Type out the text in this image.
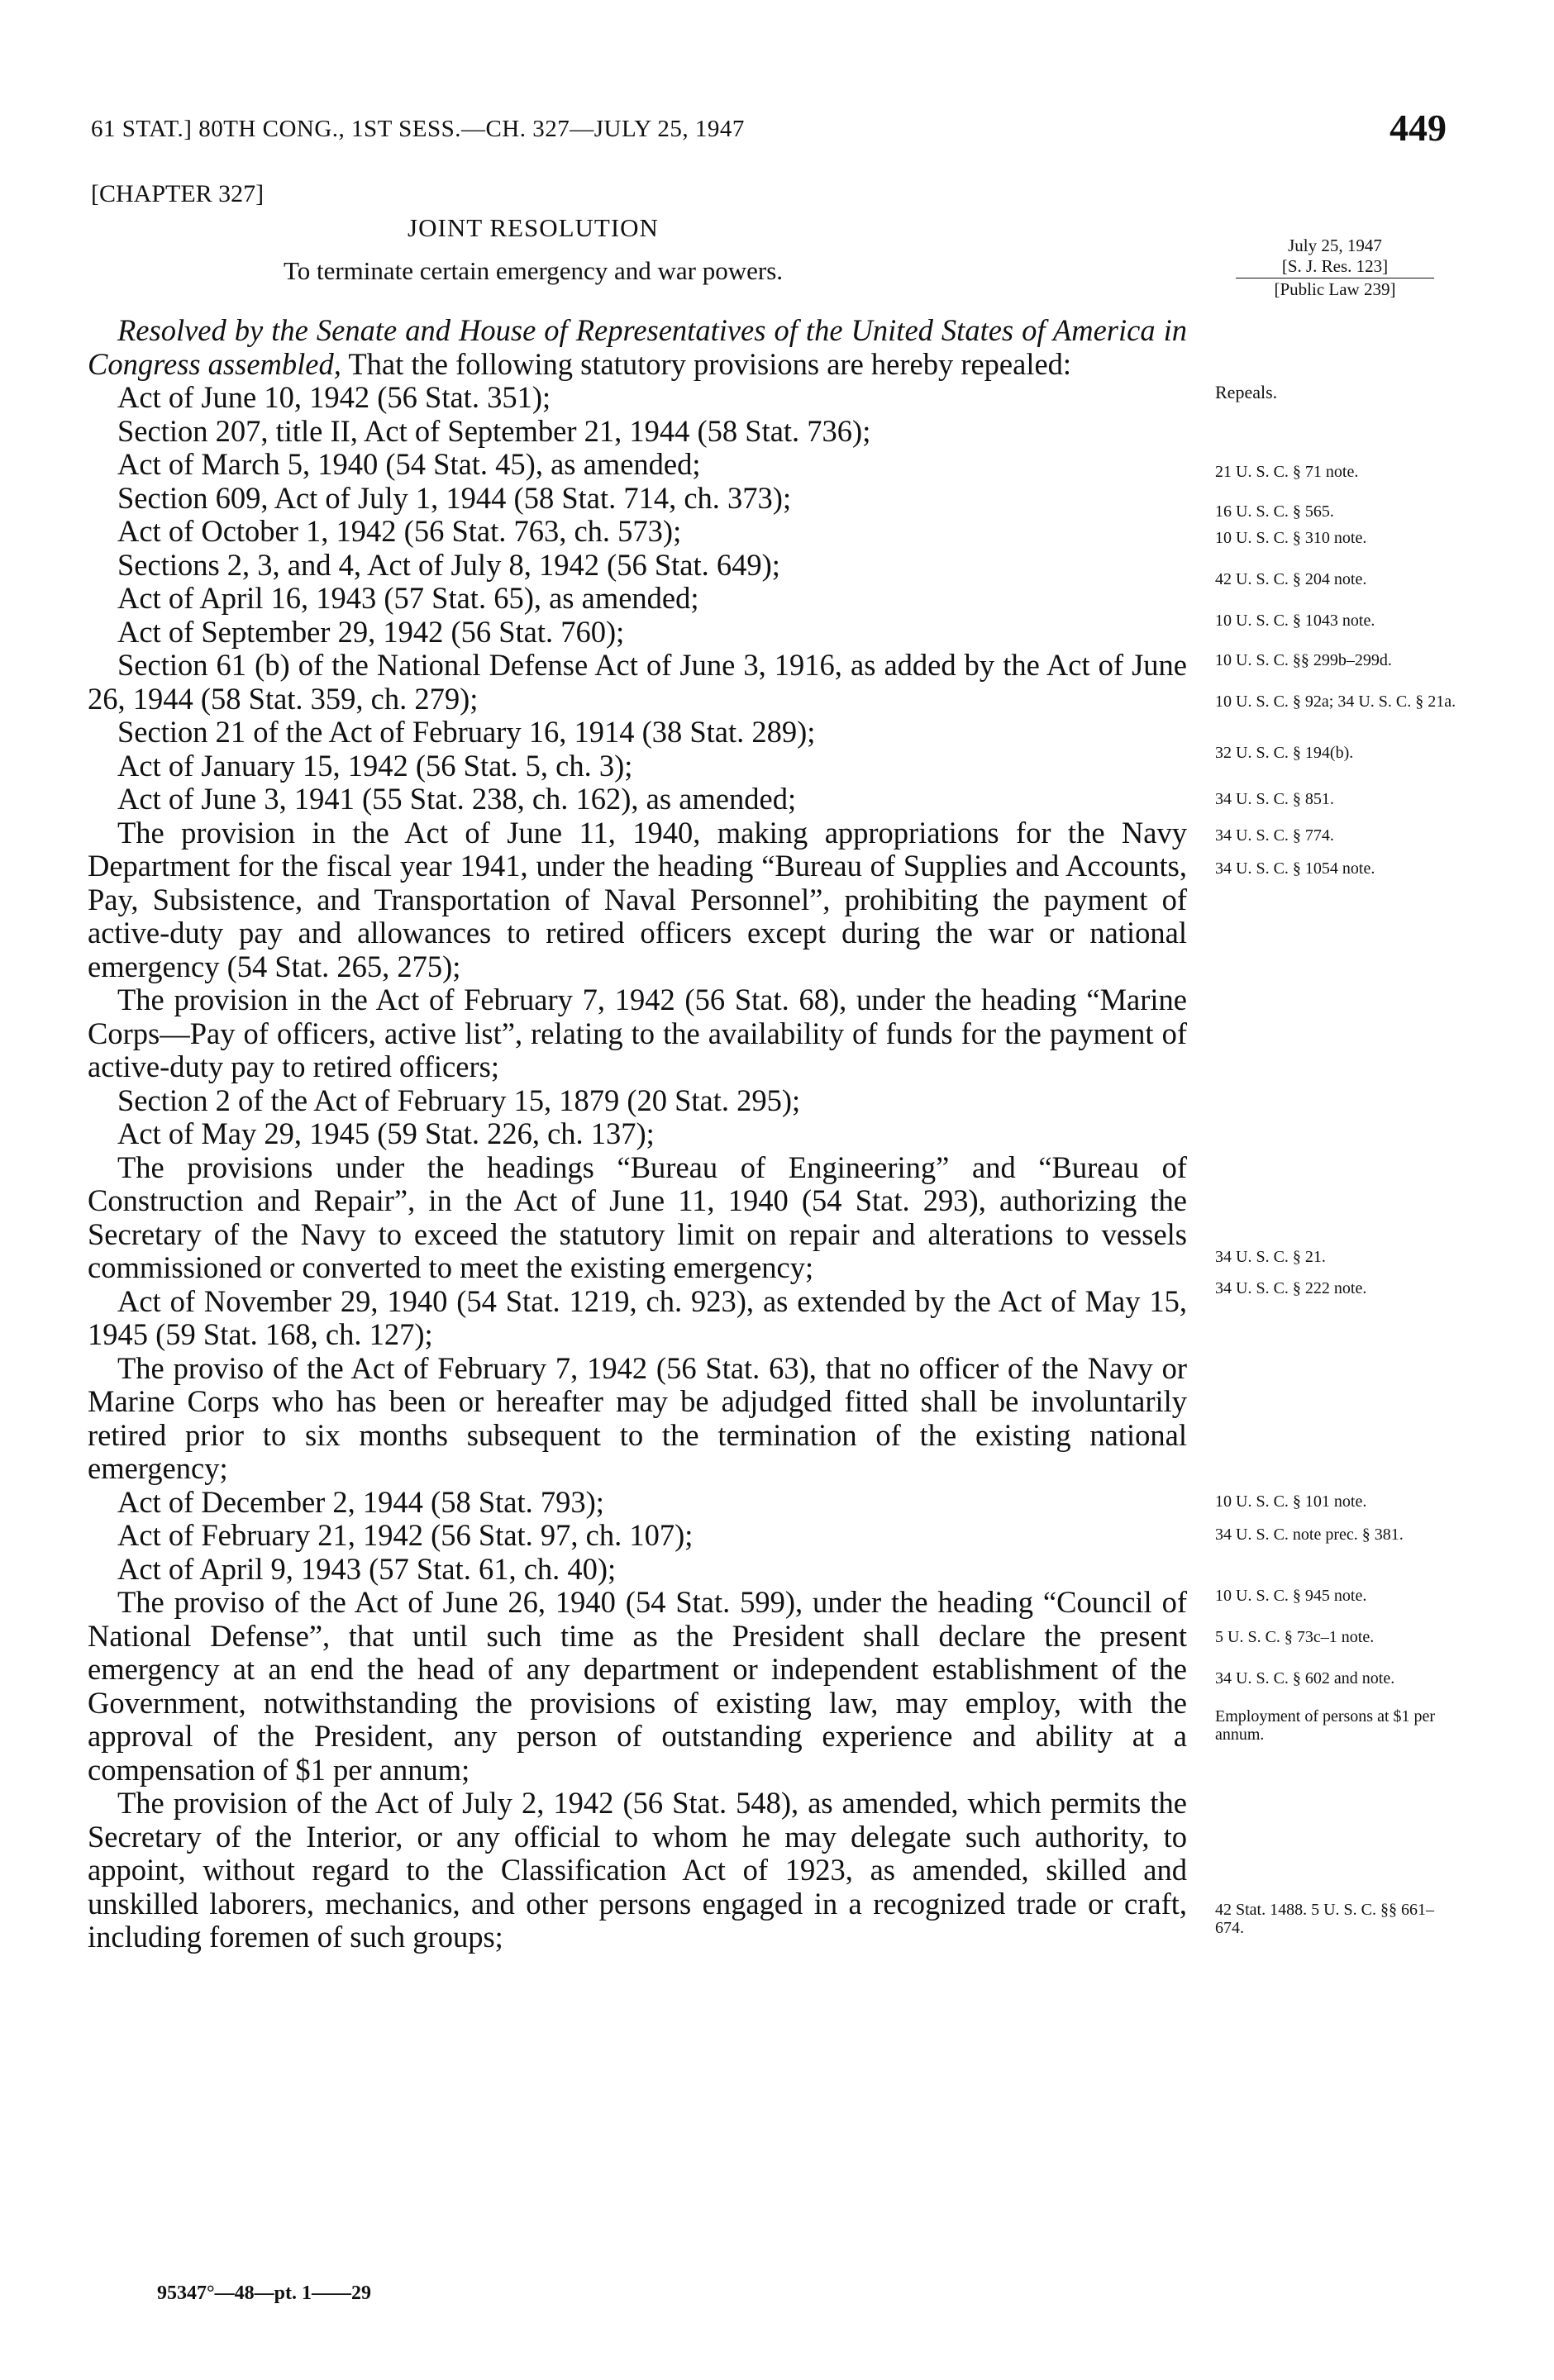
61 STAT.] 80TH CONG., 1ST SESS.—CH. 327—JULY 25, 1947	449
[CHAPTER 327]
JOINT RESOLUTION
To terminate certain emergency and war powers.
July 25, 1947
[S. J. Res. 123]
[Public Law 239]

Resolved by the Senate and House of Representatives of the United States of America in Congress assembled, That the following statutory provisions are hereby repealed:

Act of June 10, 1942 (56 Stat. 351);

Section 207, title II, Act of September 21, 1944 (58 Stat. 736);

Act of March 5, 1940 (54 Stat. 45), as amended;

Section 609, Act of July 1, 1944 (58 Stat. 714, ch. 373);

Act of October 1, 1942 (56 Stat. 763, ch. 573);

Sections 2, 3, and 4, Act of July 8, 1942 (56 Stat. 649);

Act of April 16, 1943 (57 Stat. 65), as amended;

Act of September 29, 1942 (56 Stat. 760);

Section 61 (b) of the National Defense Act of June 3, 1916, as added by the Act of June 26, 1944 (58 Stat. 359, ch. 279);

Section 21 of the Act of February 16, 1914 (38 Stat. 289);

Act of January 15, 1942 (56 Stat. 5, ch. 3);

Act of June 3, 1941 (55 Stat. 238, ch. 162), as amended;

The provision in the Act of June 11, 1940, making appropriations for the Navy Department for the fiscal year 1941, under the heading “Bureau of Supplies and Accounts, Pay, Subsistence, and Transportation of Naval Personnel”, prohibiting the payment of active-duty pay and allowances to retired officers except during the war or national emergency (54 Stat. 265, 275);

The provision in the Act of February 7, 1942 (56 Stat. 68), under the heading “Marine Corps—Pay of officers, active list”, relating to the availability of funds for the payment of active-duty pay to retired officers;

Section 2 of the Act of February 15, 1879 (20 Stat. 295);

Act of May 29, 1945 (59 Stat. 226, ch. 137);

The provisions under the headings “Bureau of Engineering” and “Bureau of Construction and Repair”, in the Act of June 11, 1940 (54 Stat. 293), authorizing the Secretary of the Navy to exceed the statutory limit on repair and alterations to vessels commissioned or converted to meet the existing emergency;

Act of November 29, 1940 (54 Stat. 1219, ch. 923), as extended by the Act of May 15, 1945 (59 Stat. 168, ch. 127);

The proviso of the Act of February 7, 1942 (56 Stat. 63), that no officer of the Navy or Marine Corps who has been or hereafter may be adjudged fitted shall be involuntarily retired prior to six months subsequent to the termination of the existing national emergency;

Act of December 2, 1944 (58 Stat. 793);

Act of February 21, 1942 (56 Stat. 97, ch. 107);

Act of April 9, 1943 (57 Stat. 61, ch. 40);

The proviso of the Act of June 26, 1940 (54 Stat. 599), under the heading “Council of National Defense”, that until such time as the President shall declare the present emergency at an end the head of any department or independent establishment of the Government, notwithstanding the provisions of existing law, may employ, with the approval of the President, any person of outstanding experience and ability at a compensation of $1 per annum;

The provision of the Act of July 2, 1942 (56 Stat. 548), as amended, which permits the Secretary of the Interior, or any official to whom he may delegate such authority, to appoint, without regard to the Classification Act of 1923, as amended, skilled and unskilled laborers, mechanics, and other persons engaged in a recognized trade or craft, including foremen of such groups;

Repeals.
21 U. S. C. § 71 note.
16 U. S. C. § 565.
10 U. S. C. § 310 note.
42 U. S. C. § 204 note.
10 U. S. C. § 1043 note.
10 U. S. C. §§ 299b–299d.
10 U. S. C. § 92a; 34 U. S. C. § 21a.
32 U. S. C. § 194(b).
34 U. S. C. § 851.
34 U. S. C. § 774.
34 U. S. C. § 1054 note.
34 U. S. C. § 21.
34 U. S. C. § 222 note.
10 U. S. C. § 101 note.
34 U. S. C. note prec. § 381.
10 U. S. C. § 945 note.
5 U. S. C. § 73c–1 note.
34 U. S. C. § 602 and note.
Employment of persons at $1 per annum.
42 Stat. 1488. 5 U. S. C. §§ 661–674.
95347°—48—pt. 1——29
